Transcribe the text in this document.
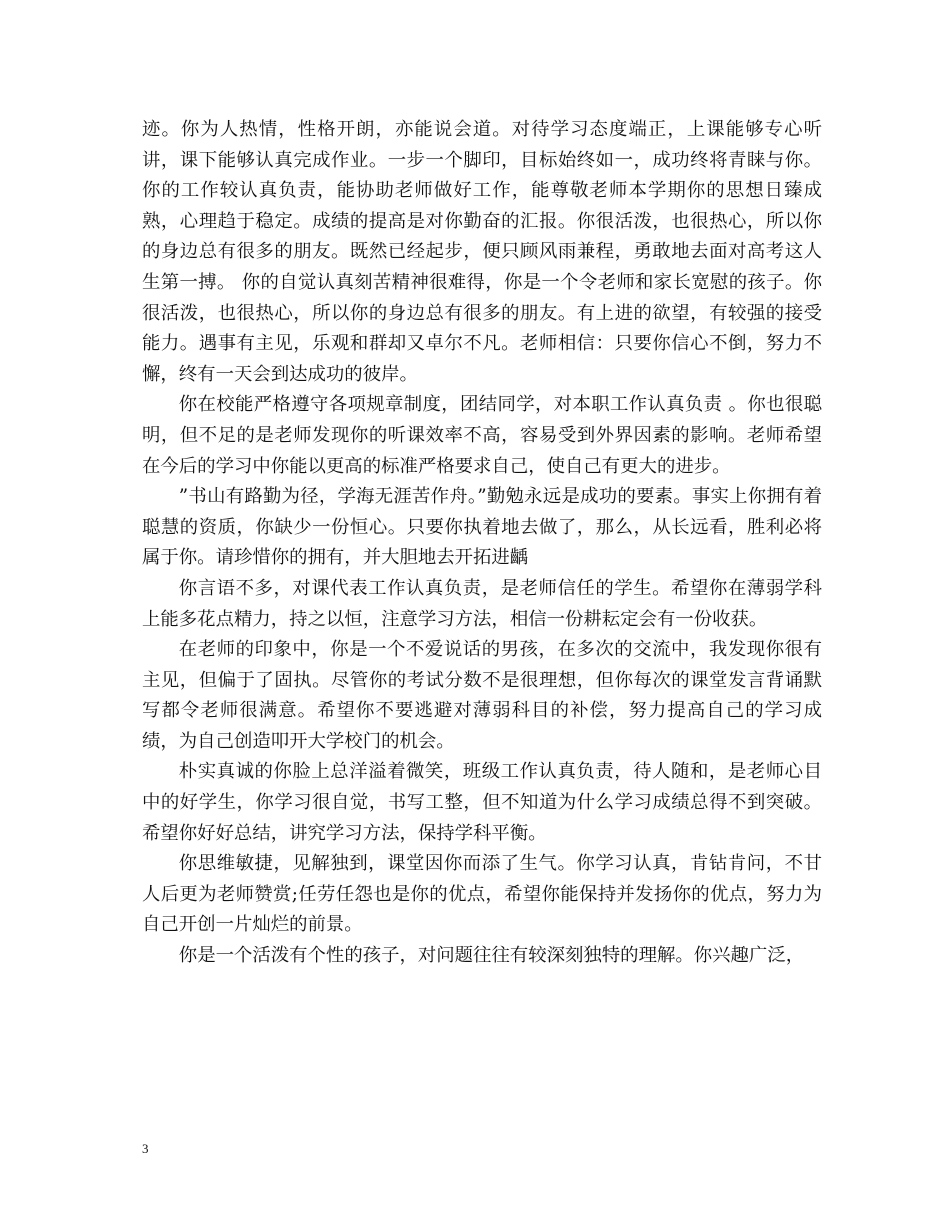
迹。你为人热情，性格开朗，亦能说会道。对待学习态度端正，上课能够专心听讲，课下能够认真完成作业。一步一个脚印，目标始终如一，成功终将青睐与你。你的工作较认真负责，能协助老师做好工作，能尊敬老师本学期你的思想日臻成熟，心理趋于稳定。成绩的提高是对你勤奋的汇报。你很活泼，也很热心，所以你的身边总有很多的朋友。既然已经起步，便只顾风雨兼程，勇敢地去面对高考这人生第一搏。 你的自觉认真刻苦精神很难得，你是一个令老师和家长宽慰的孩子。你很活泼，也很热心，所以你的身边总有很多的朋友。有上进的欲望，有较强的接受能力。遇事有主见，乐观和群却又卓尔不凡。老师相信：只要你信心不倒，努力不懈，终有一天会到达成功的彼岸。

你在校能严格遵守各项规章制度，团结同学，对本职工作认真负责 。你也很聪明，但不足的是老师发现你的听课效率不高，容易受到外界因素的影响。老师希望在今后的学习中你能以更高的标准严格要求自己，使自己有更大的进步。

”书山有路勤为径，学海无涯苦作舟。”勤勉永远是成功的要素。事实上你拥有着聪慧的资质，你缺少一份恒心。只要你执着地去做了，那么，从长远看，胜利必将属于你。请珍惜你的拥有，并大胆地去开拓进齲

你言语不多，对课代表工作认真负责，是老师信任的学生。希望你在薄弱学科上能多花点精力，持之以恒，注意学习方法，相信一份耕耘定会有一份收获。

在老师的印象中，你是一个不爱说话的男孩，在多次的交流中，我发现你很有主见，但偏于了固执。尽管你的考试分数不是很理想，但你每次的课堂发言背诵默写都令老师很满意。希望你不要逃避对薄弱科目的补偿，努力提高自己的学习成绩，为自己创造叩开大学校门的机会。

朴实真诚的你脸上总洋溢着微笑，班级工作认真负责，待人随和，是老师心目中的好学生，你学习很自觉，书写工整，但不知道为什么学习成绩总得不到突破。希望你好好总结，讲究学习方法，保持学科平衡。

你思维敏捷，见解独到，课堂因你而添了生气。你学习认真，肯钻肯问，不甘人后更为老师赞赏;任劳任怨也是你的优点，希望你能保持并发扬你的优点，努力为自己开创一片灿烂的前景。

你是一个活泼有个性的孩子，对问题往往有较深刻独特的理解。你兴趣广泛，

3
